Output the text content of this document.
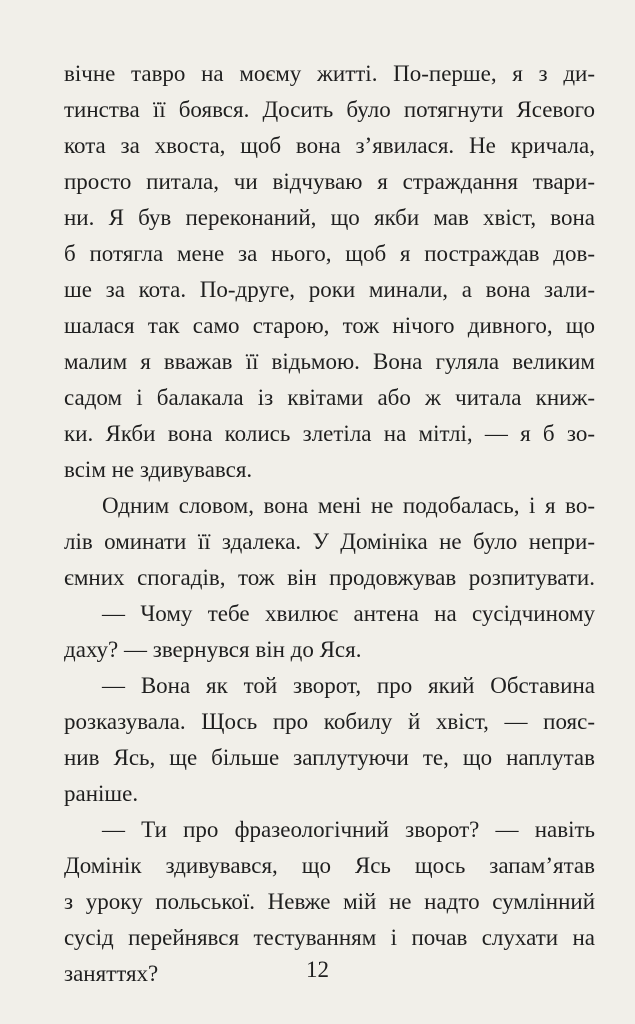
вічне тавро на моєму житті. По-перше, я з ди-
тинства її боявся. Досить було потягнути Ясевого
кота за хвоста, щоб вона з’явилася. Не кричала,
просто питала, чи відчуваю я страждання твари-
ни. Я був переконаний, що якби мав хвіст, вона
б потягла мене за нього, щоб я постраждав дов-
ше за кота. По-друге, роки минали, а вона зали-
шалася так само старою, тож нічого дивного, що
малим я вважав її відьмою. Вона гуляла великим
садом і балакала із квітами або ж читала книж-
ки. Якби вона колись злетіла на мітлі, — я б зо-
всім не здивувався.
Одним словом, вона мені не подобалась, і я во-
лів оминати її здалека. У Домініка не було непри-
ємних спогадів, тож він продовжував розпитувати.
— Чому тебе хвилює антена на сусідчиному
даху? — звернувся він до Яся.
— Вона як той зворот, про який Обставина
розказувала. Щось про кобилу й хвіст, — пояс-
нив Ясь, ще більше заплутуючи те, що наплутав
раніше.
— Ти про фразеологічний зворот? — навіть
Домінік здивувався, що Ясь щось запам’ятав
з уроку польської. Невже мій не надто сумлінний
сусід перейнявся тестуванням і почав слухати на
заняттях?	12
